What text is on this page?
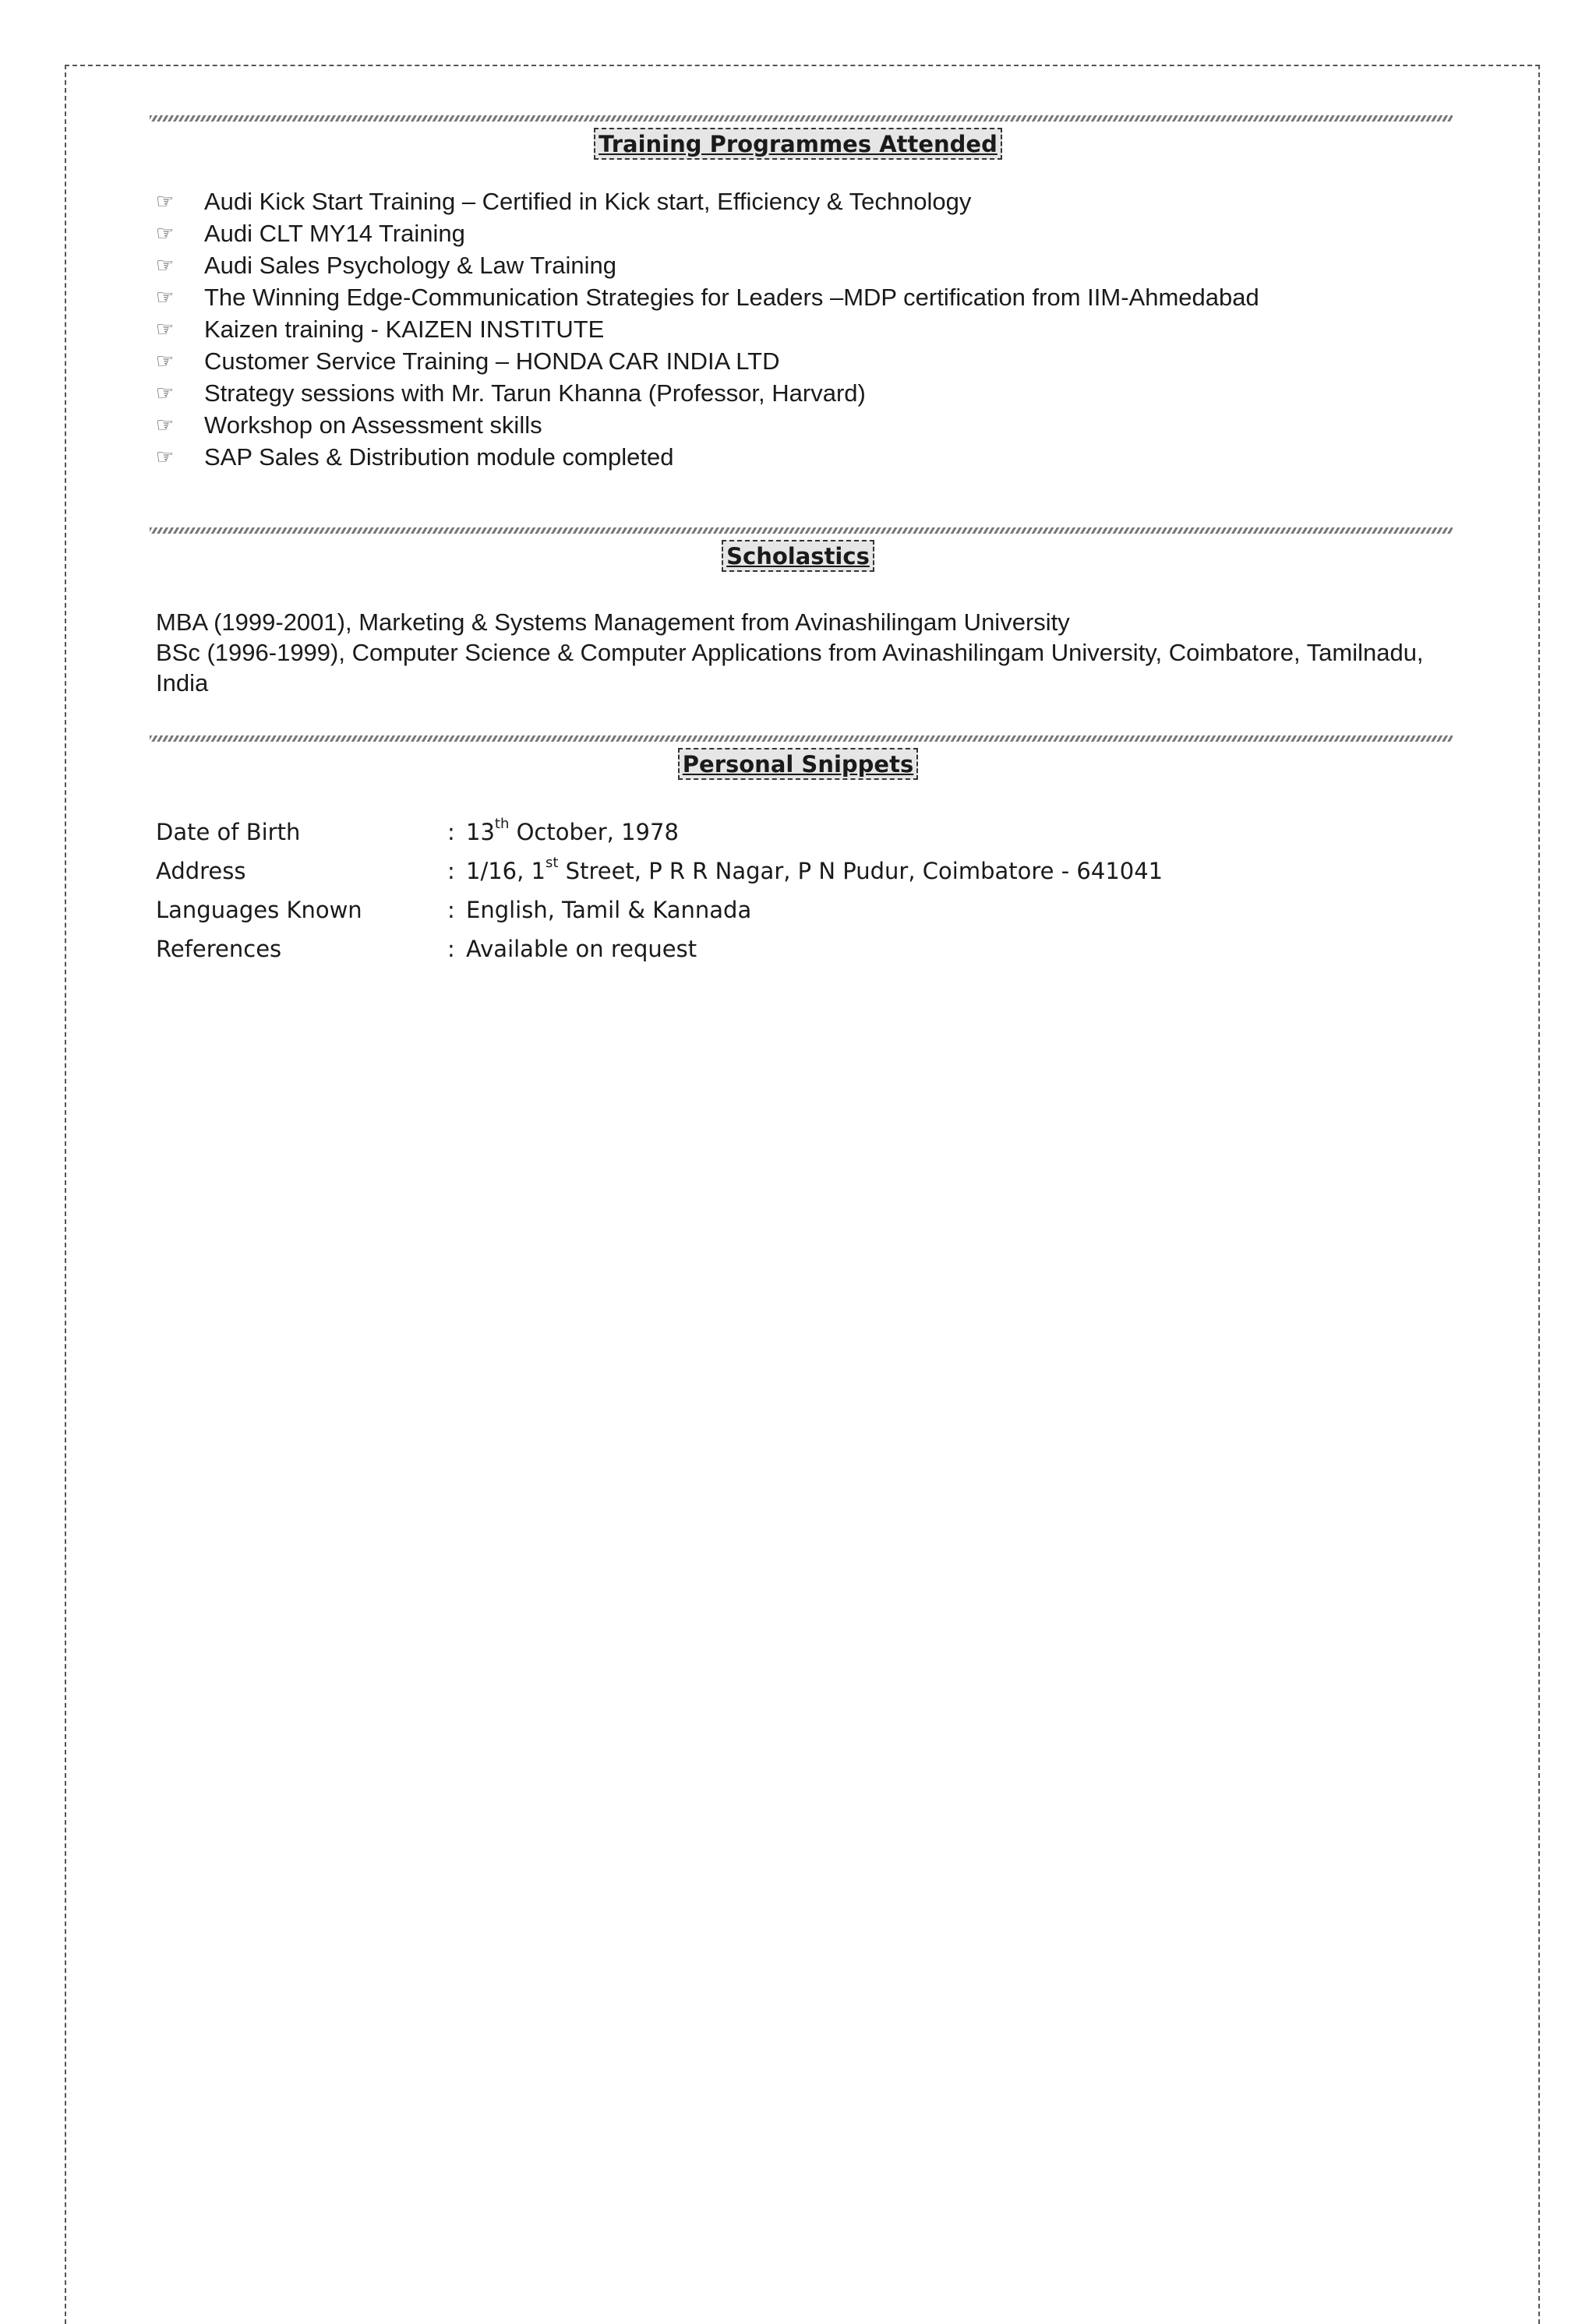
Training Programmes Attended
☞	Audi Kick Start Training – Certified in Kick start, Efficiency & Technology
☞	Audi CLT MY14 Training
☞	Audi Sales Psychology & Law Training
☞	The Winning Edge-Communication Strategies for Leaders –MDP certification from IIM-Ahmedabad
☞	Kaizen training - KAIZEN INSTITUTE
☞	Customer Service Training – HONDA CAR INDIA LTD
☞	Strategy sessions with Mr. Tarun Khanna (Professor, Harvard)
☞	Workshop on Assessment skills
☞	SAP Sales & Distribution module completed
Scholastics

MBA (1999-2001), Marketing & Systems Management from Avinashilingam University

BSc (1996-1999), Computer Science & Computer Applications from Avinashilingam University, Coimbatore, Tamilnadu, India

Personal Snippets
Date of Birth	: 13th October, 1978
Address	: 1/16, 1st Street, P R R Nagar, P N Pudur, Coimbatore - 641041
Languages Known	: English, Tamil & Kannada
References	: Available on request
